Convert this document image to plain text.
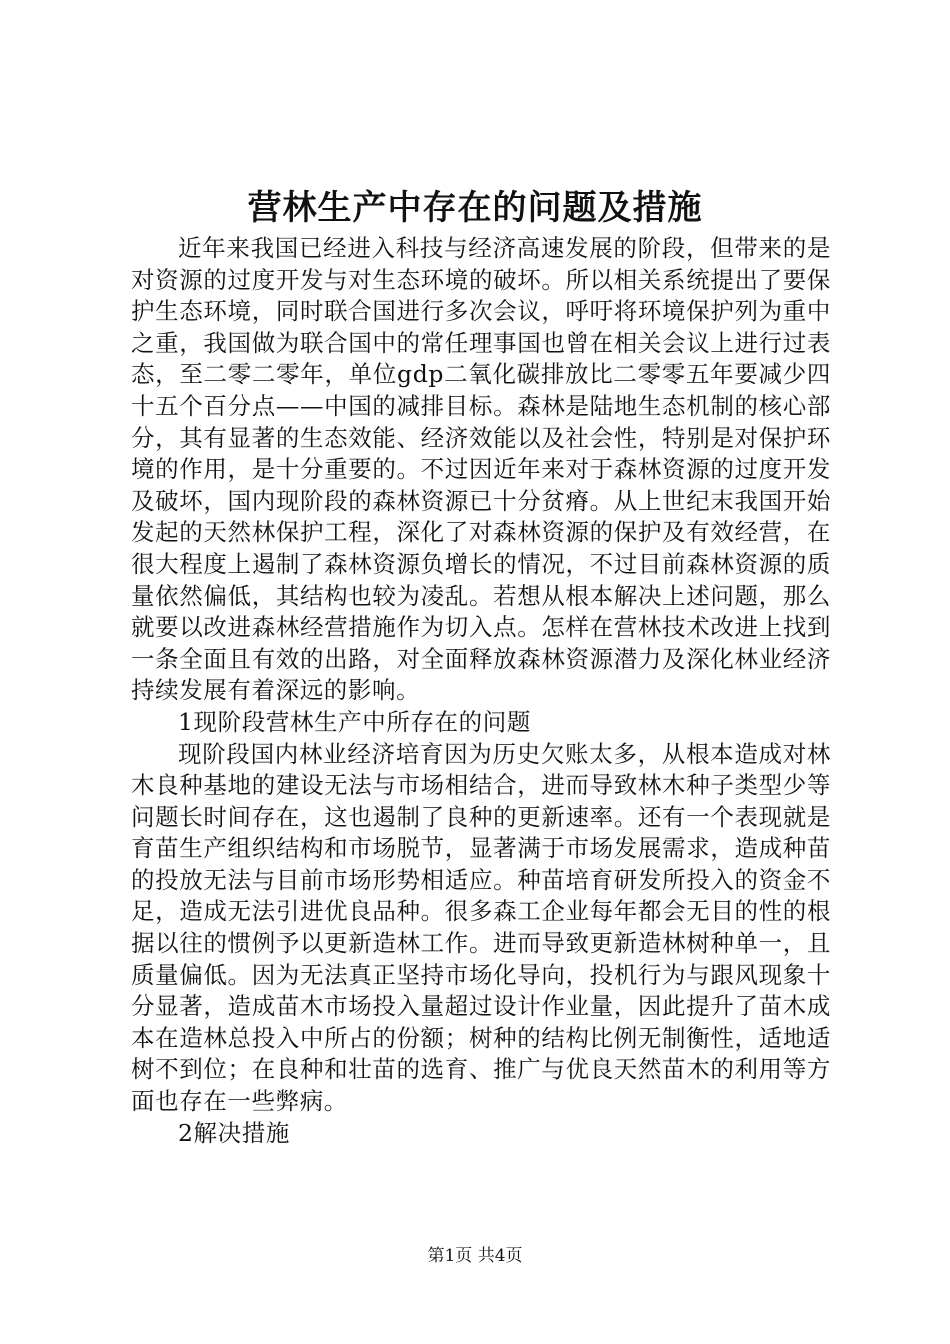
营林生产中存在的问题及措施

近年来我国已经进入科技与经济高速发展的阶段，但带来的是对资源的过度开发与对生态环境的破坏。所以相关系统提出了要保护生态环境，同时联合国进行多次会议，呼吁将环境保护列为重中之重，我国做为联合国中的常任理事国也曾在相关会议上进行过表态，至二零二零年，单位gdp二氧化碳排放比二零零五年要减少四十五个百分点——中国的减排目标。森林是陆地生态机制的核心部分，其有显著的生态效能、经济效能以及社会性，特别是对保护环境的作用，是十分重要的。不过因近年来对于森林资源的过度开发及破坏，国内现阶段的森林资源已十分贫瘠。从上世纪末我国开始发起的天然林保护工程，深化了对森林资源的保护及有效经营，在很大程度上遏制了森林资源负增长的情况，不过目前森林资源的质量依然偏低，其结构也较为凌乱。若想从根本解决上述问题，那么就要以改进森林经营措施作为切入点。怎样在营林技术改进上找到一条全面且有效的出路，对全面释放森林资源潜力及深化林业经济持续发展有着深远的影响。

1现阶段营林生产中所存在的问题

现阶段国内林业经济培育因为历史欠账太多，从根本造成对林木良种基地的建设无法与市场相结合，进而导致林木种子类型少等问题长时间存在，这也遏制了良种的更新速率。还有一个表现就是育苗生产组织结构和市场脱节，显著满于市场发展需求，造成种苗的投放无法与目前市场形势相适应。种苗培育研发所投入的资金不足，造成无法引进优良品种。很多森工企业每年都会无目的性的根据以往的惯例予以更新造林工作。进而导致更新造林树种单一，且质量偏低。因为无法真正坚持市场化导向，投机行为与跟风现象十分显著，造成苗木市场投入量超过设计作业量，因此提升了苗木成本在造林总投入中所占的份额；树种的结构比例无制衡性，适地适树不到位；在良种和壮苗的选育、推广与优良天然苗木的利用等方面也存在一些弊病。

2解决措施

第1页 共4页
